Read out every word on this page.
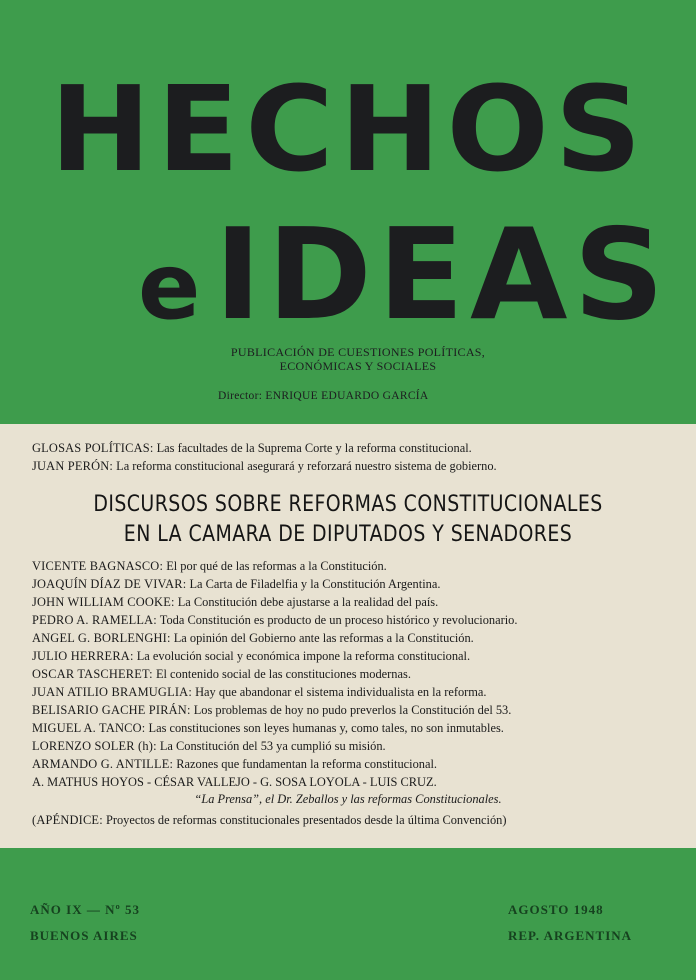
HECHOS
eIDEAS
PUBLICACIÓN DE CUESTIONES POLÍTICAS,
ECONÓMICAS Y SOCIALES
Director: ENRIQUE EDUARDO GARCÍA
GLOSAS POLÍTICAS: Las facultades de la Suprema Corte y la reforma constitucional.
JUAN PERÓN: La reforma constitucional asegurará y reforzará nuestro sistema de gobierno.
DISCURSOS SOBRE REFORMAS CONSTITUCIONALES
EN LA CAMARA DE DIPUTADOS Y SENADORES
VICENTE BAGNASCO: El por qué de las reformas a la Constitución.
JOAQUÍN DÍAZ DE VIVAR: La Carta de Filadelfia y la Constitución Argentina.
JOHN WILLIAM COOKE: La Constitución debe ajustarse a la realidad del país.
PEDRO A. RAMELLA: Toda Constitución es producto de un proceso histórico y revolucionario.
ANGEL G. BORLENGHI: La opinión del Gobierno ante las reformas a la Constitución.
JULIO HERRERA: La evolución social y económica impone la reforma constitucional.
OSCAR TASCHERET: El contenido social de las constituciones modernas.
JUAN ATILIO BRAMUGLIA: Hay que abandonar el sistema individualista en la reforma.
BELISARIO GACHE PIRÁN: Los problemas de hoy no pudo preverlos la Constitución del 53.
MIGUEL A. TANCO: Las constituciones son leyes humanas y, como tales, no son inmutables.
LORENZO SOLER (h): La Constitución del 53 ya cumplió su misión.
ARMANDO G. ANTILLE: Razones que fundamentan la reforma constitucional.
A. MATHUS HOYOS - CÉSAR VALLEJO - G. SOSA LOYOLA - LUIS CRUZ.
“La Prensa”, el Dr. Zeballos y las reformas Constitucionales.
(APÉNDICE: Proyectos de reformas constitucionales presentados desde la última Convención)
AÑO IX — Nº 53
BUENOS AIRES
AGOSTO 1948
REP. ARGENTINA
